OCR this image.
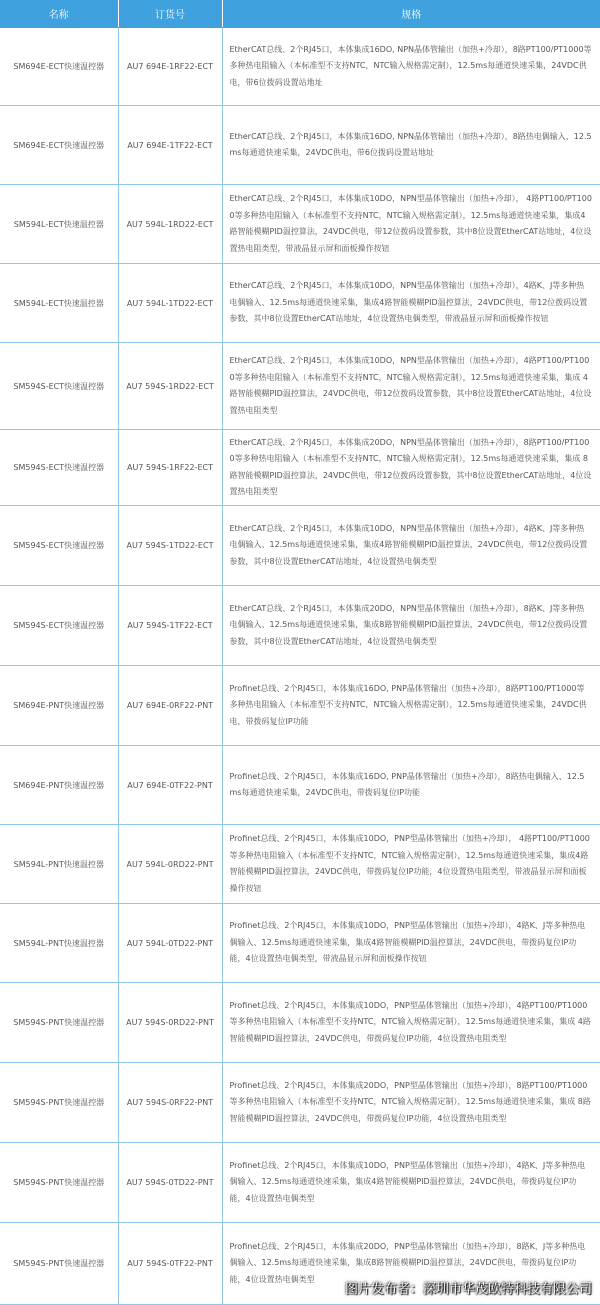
名称	订货号	规格
SM694E-ECT快速温控器	AU7 694E-1RF22-ECT	EtherCAT总线、2个RJ45口，本体集成16DO, NPN晶体管输出（加热+冷却），8路PT100/PT1000等多种热电阻输入（本标准型不支持NTC，NTC输入规格需定制），12.5ms每通道快速采集，24VDC供电，带6位拨码设置站地址
SM694E-ECT快速温控器	AU7 694E-1TF22-ECT	EtherCAT总线、2个RJ45口，本体集成16DO, NPN晶体管输出（加热+冷却），8路热电偶输入、12.5ms每通道快速采集，24VDC供电，带6位拨码设置站地址
SM594L-ECT快速温控器	AU7 594L-1RD22-ECT	EtherCAT总线、2个RJ45口，本体集成10DO，NPN型晶体管输出（加热+冷却）， 4路PT100/PT1000等多种热电阻输入（本标准型不支持NTC，NTC输入规格需定制），12.5ms每通道快速采集，集成4路智能模糊PID温控算法，24VDC供电，带12位拨码设置参数，其中8位设置EtherCAT站地址，4位设置热电阻类型，带液晶显示屏和面板操作按钮
SM594L-ECT快速温控器	AU7 594L-1TD22-ECT	EtherCAT总线、2个RJ45口，本体集成10DO，NPN型晶体管输出（加热+冷却），4路K、J等多种热电偶输入、12.5ms每通道快速采集，集成4路智能模糊PID温控算法，24VDC供电，带12位拨码设置参数，其中8位设置EtherCAT站地址，4位设置热电偶类型，带液晶显示屏和面板操作按钮
SM594S-ECT快速温控器	AU7 594S-1RD22-ECT	EtherCAT总线、2个RJ45口，本体集成10DO，NPN型晶体管输出（加热+冷却），4路PT100/PT1000等多种热电阻输入（本标准型不支持NTC，NTC输入规格需定制），12.5ms每通道快速采集，集成 4路智能模糊PID温控算法，24VDC供电，带12位拨码设置参数，其中8位设置EtherCAT站地址，4位设置热电阻类型
SM594S-ECT快速温控器	AU7 594S-1RF22-ECT	EtherCAT总线、2个RJ45口，本体集成20DO，NPN型晶体管输出（加热+冷却），8路PT100/PT1000等多种热电阻输入（本标准型不支持NTC，NTC输入规格需定制），12.5ms每通道快速采集，集成 8路智能模糊PID温控算法，24VDC供电，带12位拨码设置参数，其中8位设置EtherCAT站地址，4位设置热电阻类型
SM594S-ECT快速温控器	AU7 594S-1TD22-ECT	EtherCAT总线、2个RJ45口，本体集成10DO，NPN型晶体管输出（加热+冷却），4路K、J等多种热电偶输入、12.5ms每通道快速采集，集成4路智能模糊PID温控算法，24VDC供电，带12位拨码设置参数，其中8位设置EtherCAT站地址，4位设置热电偶类型
SM594S-ECT快速温控器	AU7 594S-1TF22-ECT	EtherCAT总线、2个RJ45口，本体集成20DO，NPN型晶体管输出（加热+冷却），8路K、J等多种热电偶输入、12.5ms每通道快速采集，集成8路智能模糊PID温控算法，24VDC供电，带12位拨码设置参数，其中8位设置EtherCAT站地址，4位设置热电偶类型
SM694E-PNT快速温控器	AU7 694E-0RF22-PNT	Profinet总线、2个RJ45口，本体集成16DO, PNP晶体管输出（加热+冷却），8路PT100/PT1000等多种热电阻输入（本标准型不支持NTC，NTC输入规格需定制），12.5ms每通道快速采集，24VDC供电，带拨码复位IP功能
SM694E-PNT快速温控器	AU7 694E-0TF22-PNT	Profinet总线、2个RJ45口，本体集成16DO, PNP晶体管输出（加热+冷却），8路热电偶输入、12.5ms每通道快速采集，24VDC供电，带拨码复位IP功能
SM594L-PNT快速温控器	AU7 594L-0RD22-PNT	Profinet总线、2个RJ45口，本体集成10DO，PNP型晶体管输出（加热+冷却）， 4路PT100/PT1000等多种热电阻输入（本标准型不支持NTC，NTC输入规格需定制），12.5ms每通道快速采集，集成4路智能模糊PID温控算法，24VDC供电，带拨码复位IP功能，4位设置热电阻类型，带液晶显示屏和面板操作按钮
SM594L-PNT快速温控器	AU7 594L-0TD22-PNT	Profinet总线、2个RJ45口，本体集成10DO，PNP型晶体管输出（加热+冷却），4路K、J等多种热电偶输入、12.5ms每通道快速采集，集成4路智能模糊PID温控算法，24VDC供电，带拨码复位IP功能，4位设置热电偶类型，带液晶显示屏和面板操作按钮
SM594S-PNT快速温控器	AU7 594S-0RD22-PNT	Profinet总线、2个RJ45口，本体集成10DO，PNP型晶体管输出（加热+冷却），4路PT100/PT1000等多种热电阻输入（本标准型不支持NTC，NTC输入规格需定制），12.5ms每通道快速采集，集成 4路智能模糊PID温控算法，24VDC供电，带拨码复位IP功能，4位设置热电阻类型
SM594S-PNT快速温控器	AU7 594S-0RF22-PNT	Profinet总线、2个RJ45口，本体集成20DO，PNP型晶体管输出（加热+冷却），8路PT100/PT1000等多种热电阻输入（本标准型不支持NTC，NTC输入规格需定制），12.5ms每通道快速采集，集成 8路智能模糊PID温控算法，24VDC供电，带拨码复位IP功能，4位设置热电阻类型
SM594S-PNT快速温控器	AU7 594S-0TD22-PNT	Profinet总线、2个RJ45口，本体集成10DO，PNP型晶体管输出（加热+冷却），4路K、J等多种热电偶输入、12.5ms每通道快速采集，集成4路智能模糊PID温控算法，24VDC供电，带拨码复位IP功能，4位设置热电偶类型
SM594S-PNT快速温控器	AU7 594S-0TF22-PNT	Profinet总线、2个RJ45口，本体集成20DO，PNP型晶体管输出（加热+冷却），8路K、J等多种热电偶输入、12.5ms每通道快速采集，集成8路智能模糊PID温控算法，24VDC供电，带拨码复位IP功能，4位设置热电偶类型
图片发布者：深圳市华茂欧特科技有限公司
